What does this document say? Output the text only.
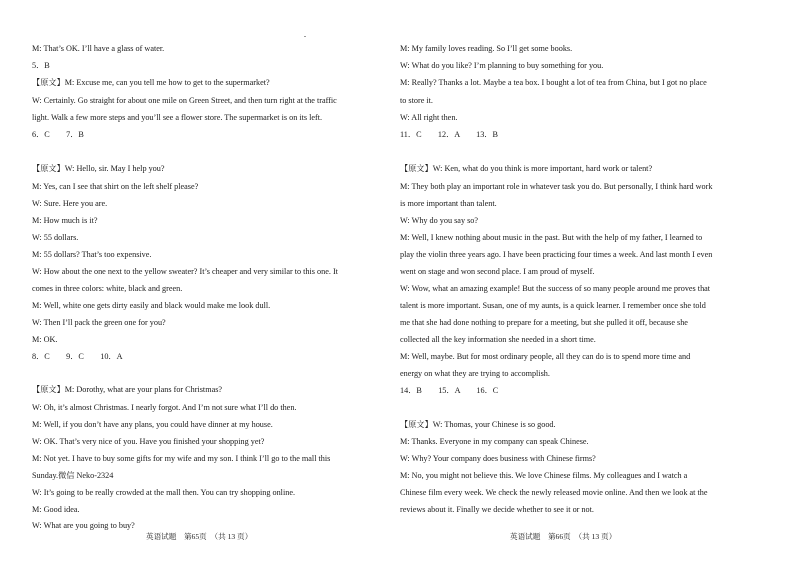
M: That’s OK. I’ll have a glass of water.
5．B
【原文】M: Excuse me, can you tell me how to get to the supermarket?
W: Certainly. Go straight for about one mile on Green Street, and then turn right at the traffic
light. Walk a few more steps and you’ll see a flower store. The supermarket is on its left.
6．C　　7．B
【原文】W: Hello, sir. May I help you?
M: Yes, can I see that shirt on the left shelf please?
W: Sure. Here you are.
M: How much is it?
W: 55 dollars.
M: 55 dollars? That’s too expensive.
W: How about the one next to the yellow sweater? It’s cheaper and very similar to this one. It
comes in three colors: white, black and green.
M: Well, white one gets dirty easily and black would make me look dull.
W: Then I’ll pack the green one for you?
M: OK.
8．C　　9．C　　10．A
【原文】M: Dorothy, what are your plans for Christmas?
W: Oh, it’s almost Christmas. I nearly forgot. And I’m not sure what I’ll do then.
M: Well, if you don’t have any plans, you could have dinner at my house.
W: OK. That’s very nice of you. Have you finished your shopping yet?
M: Not yet. I have to buy some gifts for my wife and my son. I think I’ll go to the mall this
Sunday.微信 Neko-2324
W: It’s going to be really crowded at the mall then. You can try shopping online.
M: Good idea.
W: What are you going to buy?
英语试题　第65页　（共 13 页）
M: My family loves reading. So I’ll get some books.
W: What do you like? I’m planning to buy something for you.
M: Really? Thanks a lot. Maybe a tea box. I bought a lot of tea from China, but I got no place
to store it.
W: All right then.
11．C　　12．A　　13．B
【原文】W: Ken, what do you think is more important, hard work or talent?
M: They both play an important role in whatever task you do. But personally, I think hard work
is more important than talent.
W: Why do you say so?
M: Well, I knew nothing about music in the past. But with the help of my father, I learned to
play the violin three years ago. I have been practicing four times a week. And last month I even
went on stage and won second place. I am proud of myself.
W: Wow, what an amazing example! But the success of so many people around me proves that
talent is more important. Susan, one of my aunts, is a quick learner. I remember once she told
me that she had done nothing to prepare for a meeting, but she pulled it off, because she
collected all the key information she needed in a short time.
M: Well, maybe. But for most ordinary people, all they can do is to spend more time and
energy on what they are trying to accomplish.
14．B　　15．A　　16．C
【原文】W: Thomas, your Chinese is so good.
M: Thanks. Everyone in my company can speak Chinese.
W: Why? Your company does business with Chinese firms?
M: No, you might not believe this. We love Chinese films. My colleagues and I watch a
Chinese film every week. We check the newly released movie online. And then we look at the
reviews about it. Finally we decide whether to see it or not.
英语试题　第66页　（共 13 页）
